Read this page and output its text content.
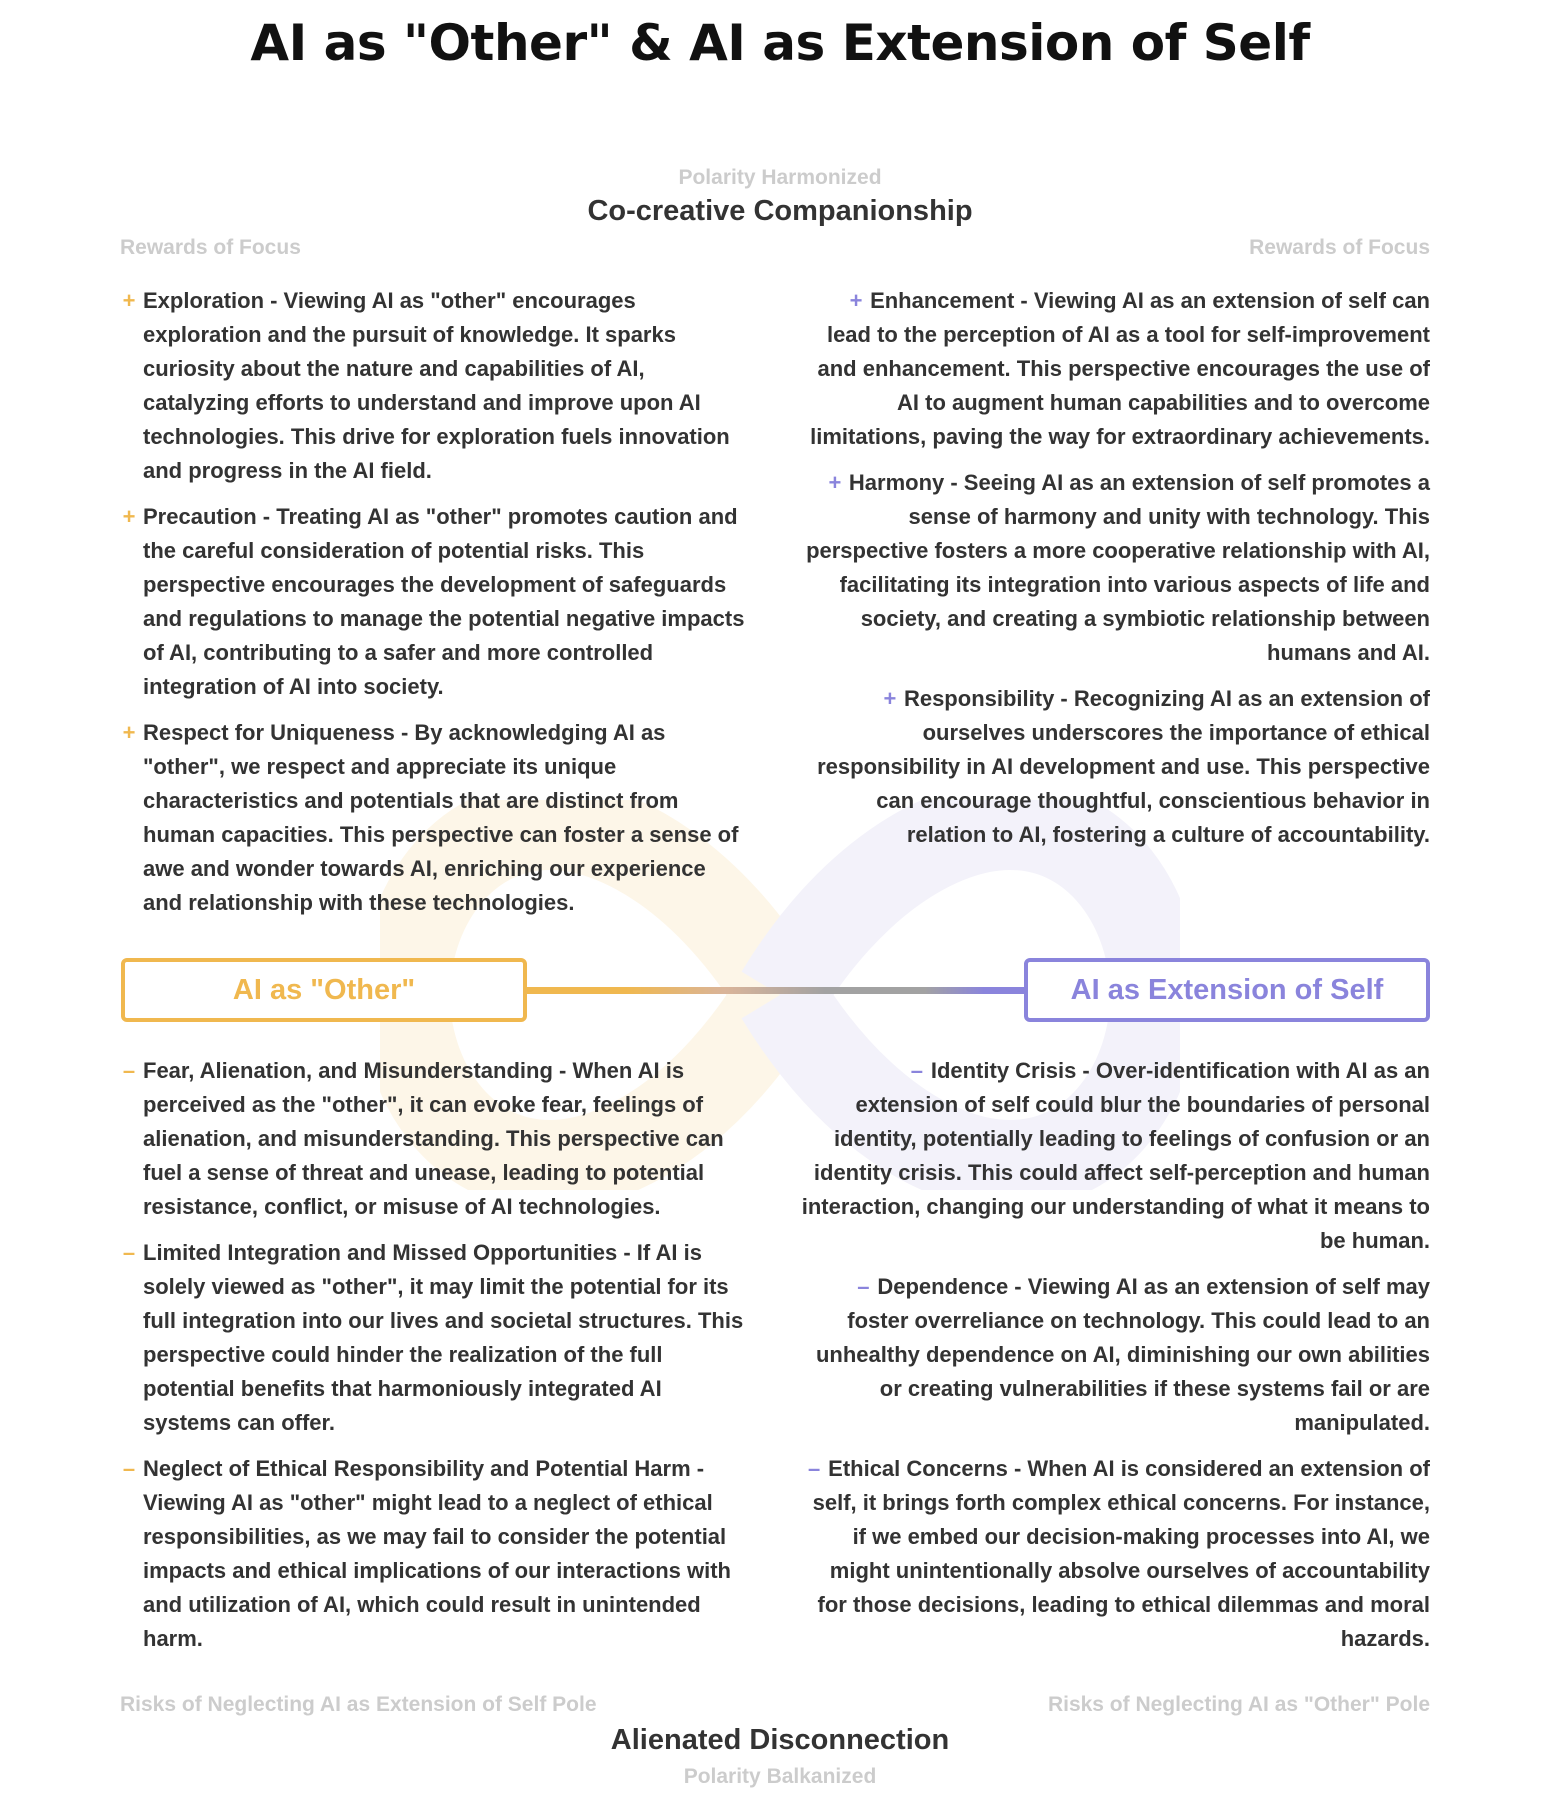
AI as "Other" & AI as Extension of Self
Polarity Harmonized
Co-creative Companionship
Rewards of Focus	Rewards of Focus
+ Exploration - Viewing AI as "other" encourages exploration and the pursuit of knowledge. It sparks curiosity about the nature and capabilities of AI, catalyzing efforts to understand and improve upon AI technologies. This drive for exploration fuels innovation and progress in the AI field.
+ Precaution - Treating AI as "other" promotes caution and the careful consideration of potential risks. This perspective encourages the development of safeguards and regulations to manage the potential negative impacts of AI, contributing to a safer and more controlled integration of AI into society.
+ Respect for Uniqueness - By acknowledging AI as "other", we respect and appreciate its unique characteristics and potentials that are distinct from human capacities. This perspective can foster a sense of awe and wonder towards AI, enriching our experience and relationship with these technologies.
+ Enhancement - Viewing AI as an extension of self can lead to the perception of AI as a tool for self-improvement and enhancement. This perspective encourages the use of AI to augment human capabilities and to overcome limitations, paving the way for extraordinary achievements.
+ Harmony - Seeing AI as an extension of self promotes a sense of harmony and unity with technology. This perspective fosters a more cooperative relationship with AI, facilitating its integration into various aspects of life and society, and creating a symbiotic relationship between humans and AI.
+ Responsibility - Recognizing AI as an extension of ourselves underscores the importance of ethical responsibility in AI development and use. This perspective can encourage thoughtful, conscientious behavior in relation to AI, fostering a culture of accountability.
AI as "Other"	AI as Extension of Self
– Fear, Alienation, and Misunderstanding - When AI is perceived as the "other", it can evoke fear, feelings of alienation, and misunderstanding. This perspective can fuel a sense of threat and unease, leading to potential resistance, conflict, or misuse of AI technologies.
– Limited Integration and Missed Opportunities - If AI is solely viewed as "other", it may limit the potential for its full integration into our lives and societal structures. This perspective could hinder the realization of the full potential benefits that harmoniously integrated AI systems can offer.
– Neglect of Ethical Responsibility and Potential Harm - Viewing AI as "other" might lead to a neglect of ethical responsibilities, as we may fail to consider the potential impacts and ethical implications of our interactions with and utilization of AI, which could result in unintended harm.
– Identity Crisis - Over-identification with AI as an extension of self could blur the boundaries of personal identity, potentially leading to feelings of confusion or an identity crisis. This could affect self-perception and human interaction, changing our understanding of what it means to be human.
– Dependence - Viewing AI as an extension of self may foster overreliance on technology. This could lead to an unhealthy dependence on AI, diminishing our own abilities or creating vulnerabilities if these systems fail or are manipulated.
– Ethical Concerns - When AI is considered an extension of self, it brings forth complex ethical concerns. For instance, if we embed our decision-making processes into AI, we might unintentionally absolve ourselves of accountability for those decisions, leading to ethical dilemmas and moral hazards.
Risks of Neglecting AI as Extension of Self Pole	Risks of Neglecting AI as "Other" Pole
Alienated Disconnection
Polarity Balkanized
